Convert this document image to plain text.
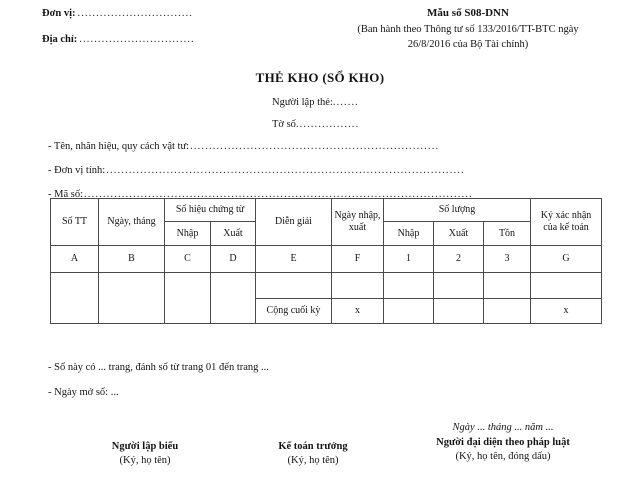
Đơn vị: ...............................
Địa chỉ: ...............................
Mẫu số S08-DNN
(Ban hành theo Thông tư số 133/2016/TT-BTC ngày
26/8/2016 của Bộ Tài chính)
THẺ KHO (SỔ KHO)
Người lập thẻ: .......
Tờ số .................
- Tên, nhãn hiệu, quy cách vật tư: ..................................................................
- Đơn vị tính: ...............................................................................................
- Mã số: .......................................................................................................
Số TT	Ngày, tháng	Số hiệu chứng từ		Diễn giải	Ngày nhập, xuất	Số lượng			Ký xác nhận của kế toán
		Nhập	Xuất			Nhập	Xuất	Tồn	
A	B	C	D	E	F	1	2	3	G

				Cộng cuối kỳ	x				x
- Sổ này có ... trang, đánh số từ trang 01 đến trang ...
- Ngày mở sổ: ...
Người lập biểu
(Ký, họ tên)
Kế toán trưởng
(Ký, họ tên)
Ngày ... tháng ... năm ...
Người đại diện theo pháp luật
(Ký, họ tên, đóng dấu)
